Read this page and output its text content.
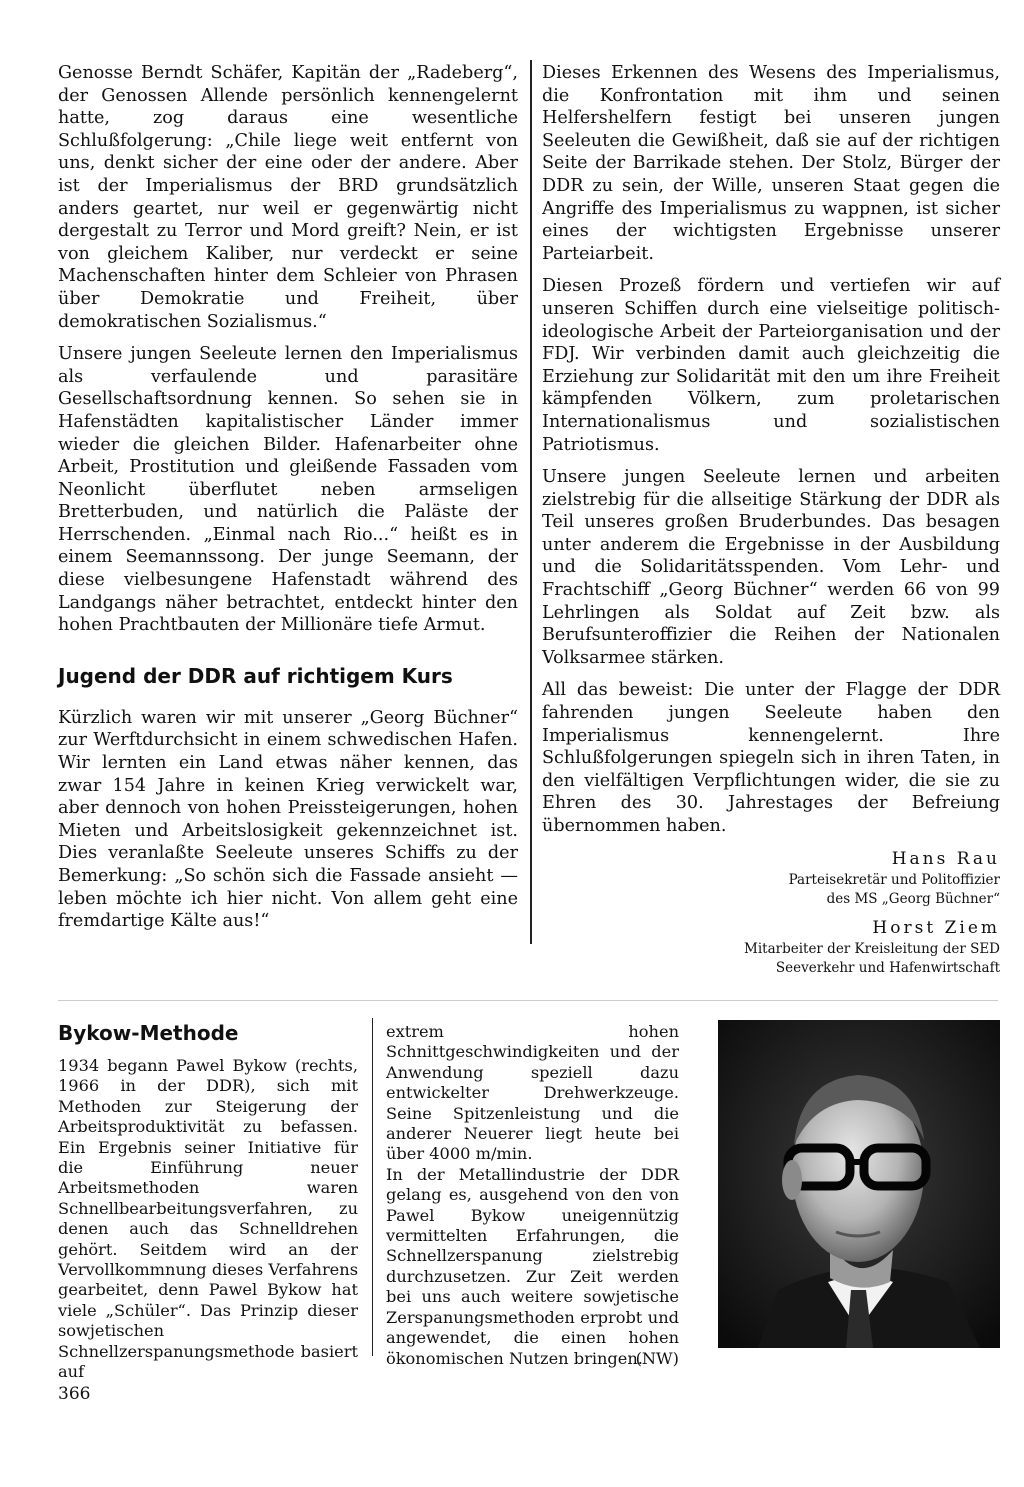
Genosse Berndt Schäfer, Kapitän der „Radeberg“, der Genossen Allende persönlich kennengelernt hatte, zog daraus eine wesentliche Schlußfolgerung: „Chile liege weit entfernt von uns, denkt sicher der eine oder der andere. Aber ist der Imperialismus der BRD grundsätzlich anders geartet, nur weil er gegenwärtig nicht dergestalt zu Terror und Mord greift? Nein, er ist von gleichem Kaliber, nur verdeckt er seine Machenschaften hinter dem Schleier von Phrasen über Demokratie und Freiheit, über demokratischen Sozialismus.“

Unsere jungen Seeleute lernen den Imperialismus als verfaulende und parasitäre Gesellschaftsordnung kennen. So sehen sie in Hafenstädten kapitalistischer Länder immer wieder die gleichen Bilder. Hafenarbeiter ohne Arbeit, Prostitution und gleißende Fassaden vom Neonlicht überflutet neben armseligen Bretterbuden, und natürlich die Paläste der Herrschenden. „Einmal nach Rio...“ heißt es in einem Seemannssong. Der junge Seemann, der diese vielbesungene Hafenstadt während des Landgangs näher betrachtet, entdeckt hinter den hohen Prachtbauten der Millionäre tiefe Armut.

Jugend der DDR auf richtigem Kurs

Kürzlich waren wir mit unserer „Georg Büchner“ zur Werftdurchsicht in einem schwedischen Hafen. Wir lernten ein Land etwas näher kennen, das zwar 154 Jahre in keinen Krieg verwickelt war, aber dennoch von hohen Preissteigerungen, hohen Mieten und Arbeitslosigkeit gekennzeichnet ist. Dies veranlaßte Seeleute unseres Schiffs zu der Bemerkung: „So schön sich die Fassade ansieht — leben möchte ich hier nicht. Von allem geht eine fremdartige Kälte aus!“

Dieses Erkennen des Wesens des Imperialismus, die Konfrontation mit ihm und seinen Helfershelfern festigt bei unseren jungen Seeleuten die Gewißheit, daß sie auf der richtigen Seite der Barrikade stehen. Der Stolz, Bürger der DDR zu sein, der Wille, unseren Staat gegen die Angriffe des Imperialismus zu wappnen, ist sicher eines der wichtigsten Ergebnisse unserer Parteiarbeit.

Diesen Prozeß fördern und vertiefen wir auf unseren Schiffen durch eine vielseitige politisch-ideologische Arbeit der Parteiorganisation und der FDJ. Wir verbinden damit auch gleichzeitig die Erziehung zur Solidarität mit den um ihre Freiheit kämpfenden Völkern, zum proletarischen Internationalismus und sozialistischen Patriotismus.

Unsere jungen Seeleute lernen und arbeiten zielstrebig für die allseitige Stärkung der DDR als Teil unseres großen Bruderbundes. Das besagen unter anderem die Ergebnisse in der Ausbildung und die Solidaritätsspenden. Vom Lehr- und Frachtschiff „Georg Büchner“ werden 66 von 99 Lehrlingen als Soldat auf Zeit bzw. als Berufsunteroffizier die Reihen der Nationalen Volksarmee stärken.

All das beweist: Die unter der Flagge der DDR fahrenden jungen Seeleute haben den Imperialismus kennengelernt. Ihre Schlußfolgerungen spiegeln sich in ihren Taten, in den vielfältigen Verpflichtungen wider, die sie zu Ehren des 30. Jahrestages der Befreiung übernommen haben.

Hans Rau

Parteisekretär und Politoffizier

des MS „Georg Büchner“

Horst Ziem

Mitarbeiter der Kreisleitung der SED

Seeverkehr und Hafenwirtschaft

Bykow-Methode

1934 begann Pawel Bykow (rechts, 1966 in der DDR), sich mit Methoden zur Steigerung der Arbeitsproduktivität zu befassen. Ein Ergebnis seiner Initiative für die Einführung neuer Arbeitsmethoden waren Schnellbearbeitungsverfahren, zu denen auch das Schnelldrehen gehört. Seitdem wird an der Vervollkommnung dieses Verfahrens gearbeitet, denn Pawel Bykow hat viele „Schüler“. Das Prinzip dieser sowjetischen Schnellzerspanungsmethode basiert auf

extrem hohen Schnittgeschwindigkeiten und der Anwendung speziell dazu entwickelter Drehwerkzeuge. Seine Spitzenleistung und die anderer Neuerer liegt heute bei über 4000 m/min.

In der Metallindustrie der DDR gelang es, ausgehend von den von Pawel Bykow uneigennützig vermittelten Erfahrungen, die Schnellzerspanung zielstrebig durchzusetzen. Zur Zeit werden bei uns auch weitere sowjetische Zerspanungsmethoden erprobt und angewendet, die einen hohen ökonomischen Nutzen bringen.

(NW)

366
